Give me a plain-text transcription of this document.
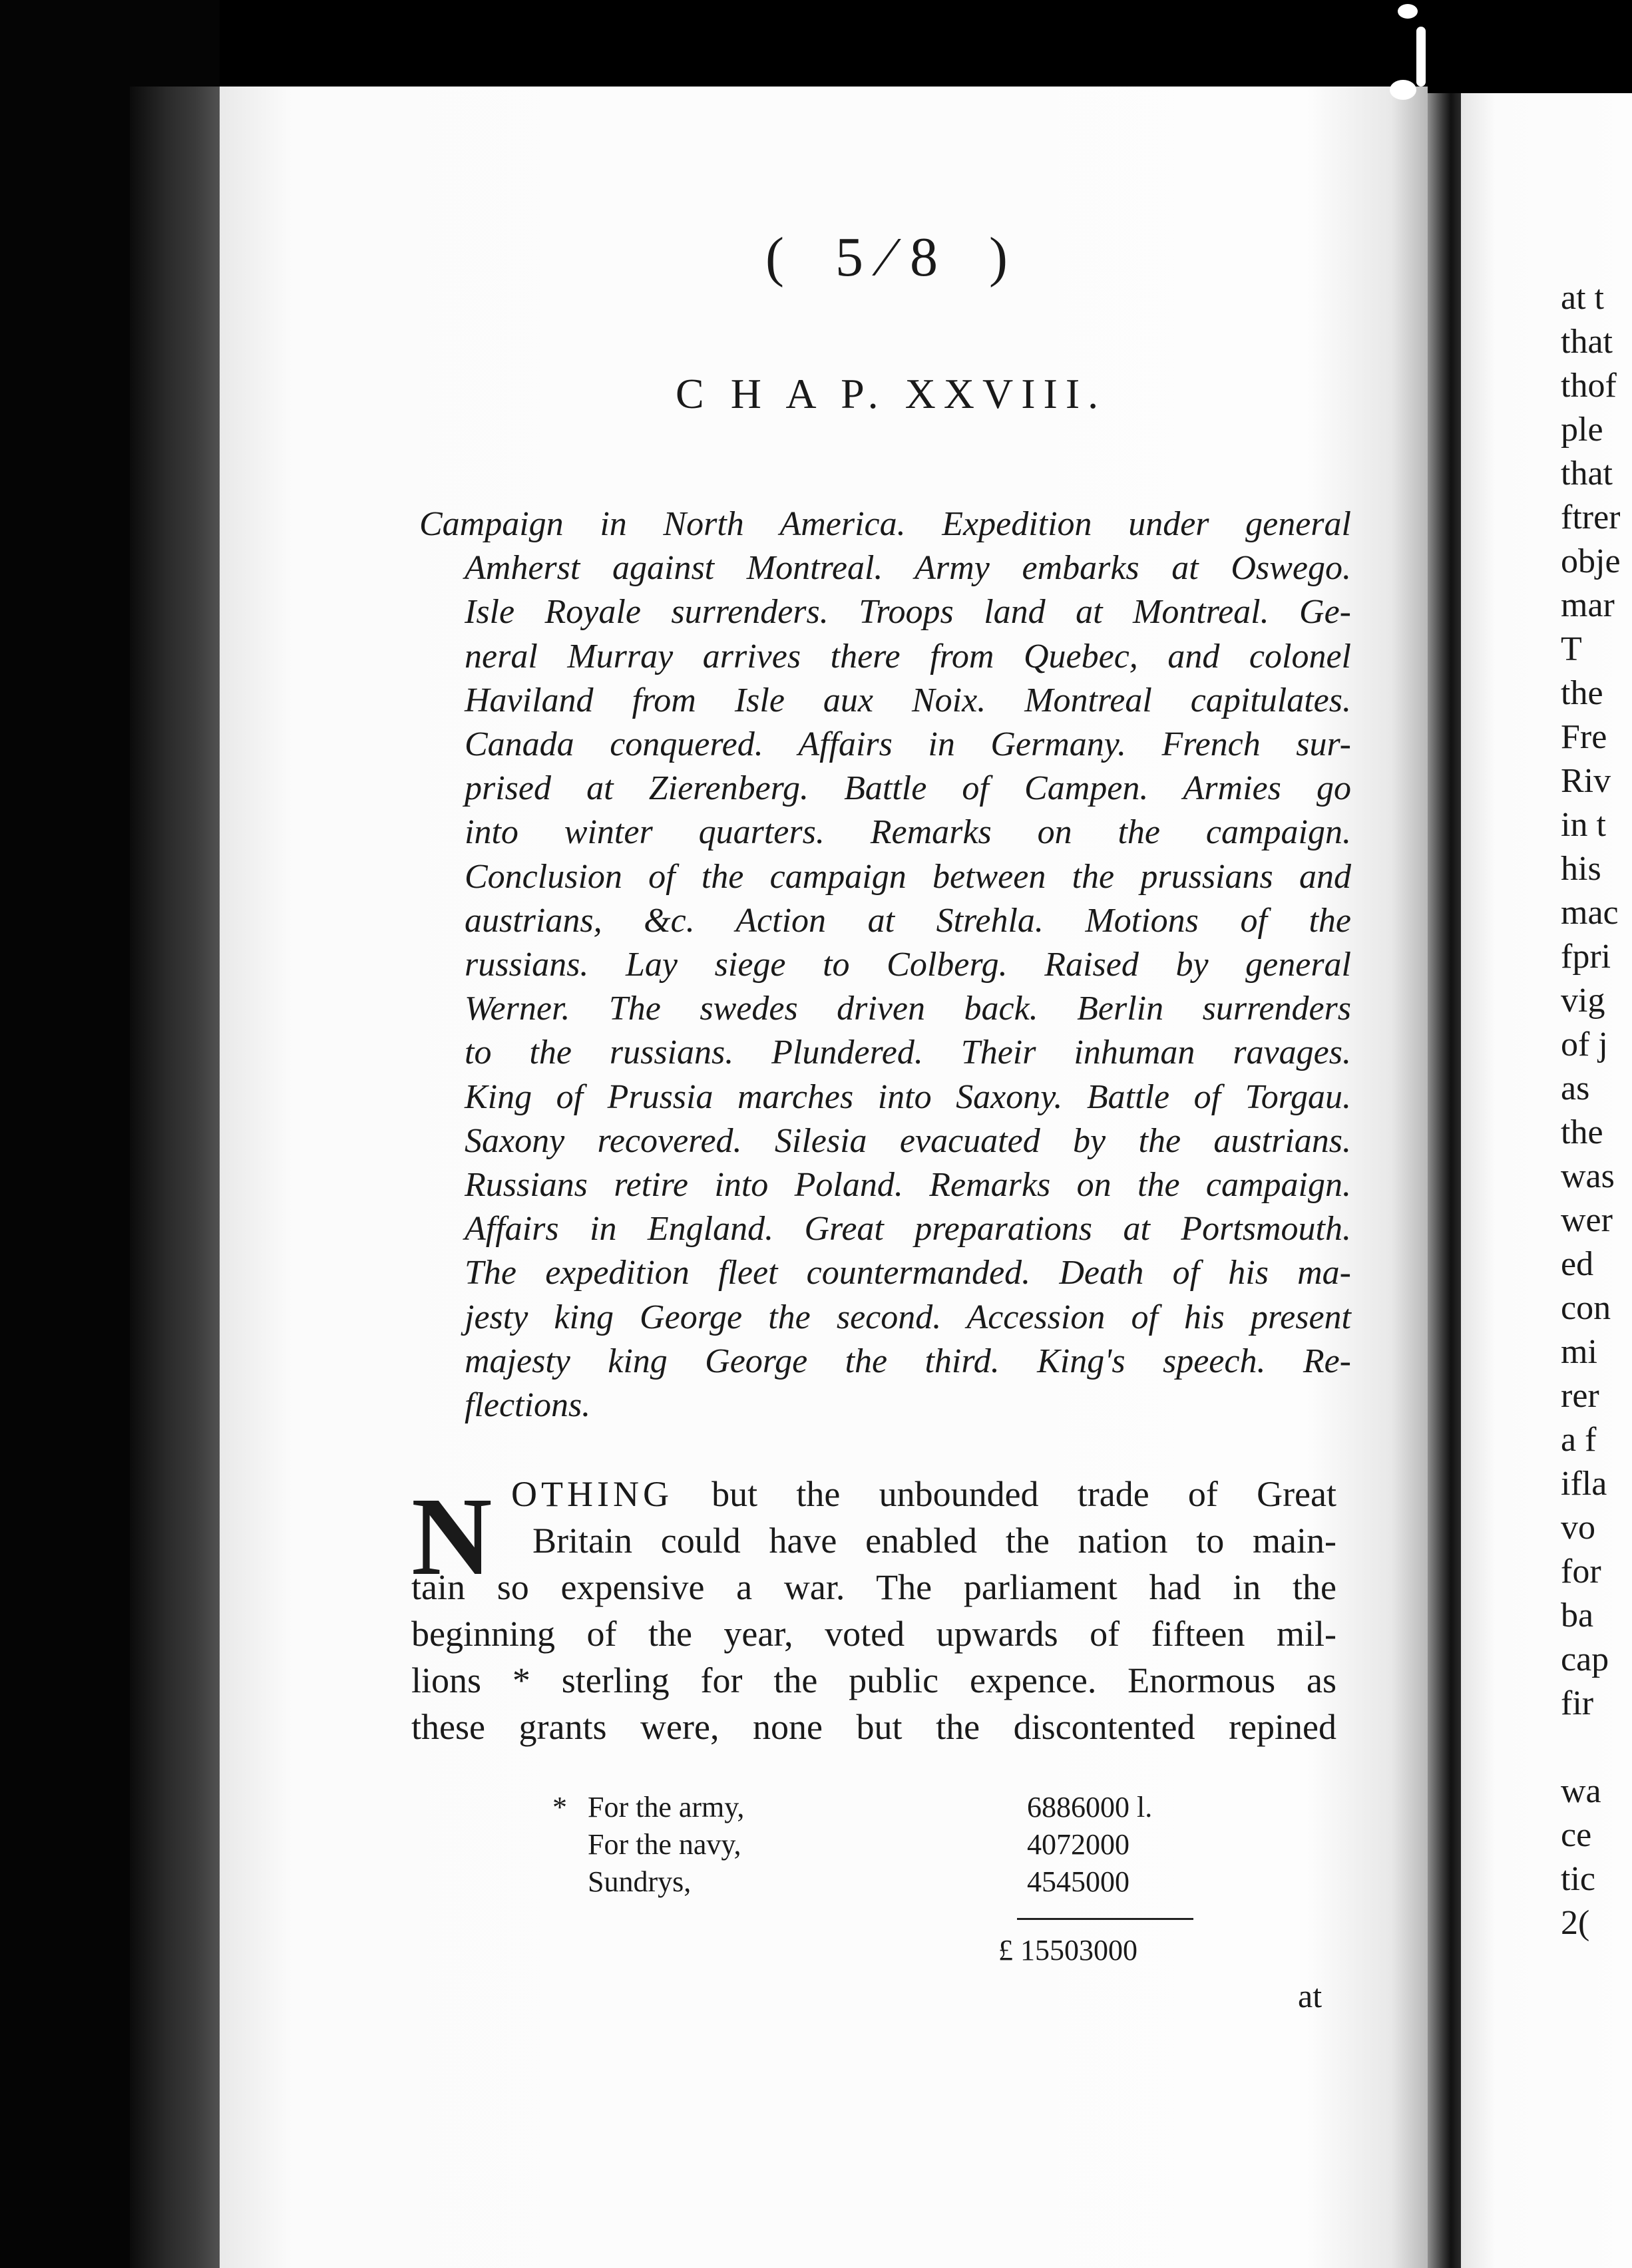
at t
that
thof
ple
that
ftrer
obje
mar
T
the
Fre
Riv
in t
his
mac
fpri
vig
of j
as
the
was
wer
ed
con
mi
rer
a f
ifla
vo
for
ba
cap
fir

wa
ce
tic
2(

( 5⁄8 )

C H A P. XXVIII.

Campaign in North America. Expedition under general
Amherst against Montreal. Army embarks at Oswego.
Isle Royale surrenders. Troops land at Montreal. Ge-
neral Murray arrives there from Quebec, and colonel
Haviland from Isle aux Noix. Montreal capitulates.
Canada conquered. Affairs in Germany. French sur-
prised at Zierenberg. Battle of Campen. Armies go
into winter quarters. Remarks on the campaign.
Conclusion of the campaign between the prussians and
austrians, &c. Action at Strehla. Motions of the
russians. Lay siege to Colberg. Raised by general
Werner. The swedes driven back. Berlin surrenders
to the russians. Plundered. Their inhuman ravages.
King of Prussia marches into Saxony. Battle of Torgau.
Saxony recovered. Silesia evacuated by the austrians.
Russians retire into Poland. Remarks on the campaign.
Affairs in England. Great preparations at Portsmouth.
The expedition fleet countermanded. Death of his ma-
jesty king George the second. Accession of his present
majesty king George the third. King's speech. Re-
flections.
OTHING but the unbounded trade of Great
Britain could have enabled the nation to main-
tain so expensive a war. The parliament had in the
beginning of the year, voted upwards of fifteen mil-
lions * sterling for the public expence. Enormous as
these grants were, none but the discontented repined
N
* For the army,	6886000 l.
For the navy,	4072000
Sundrys,	4545000
£ 15503000
at
